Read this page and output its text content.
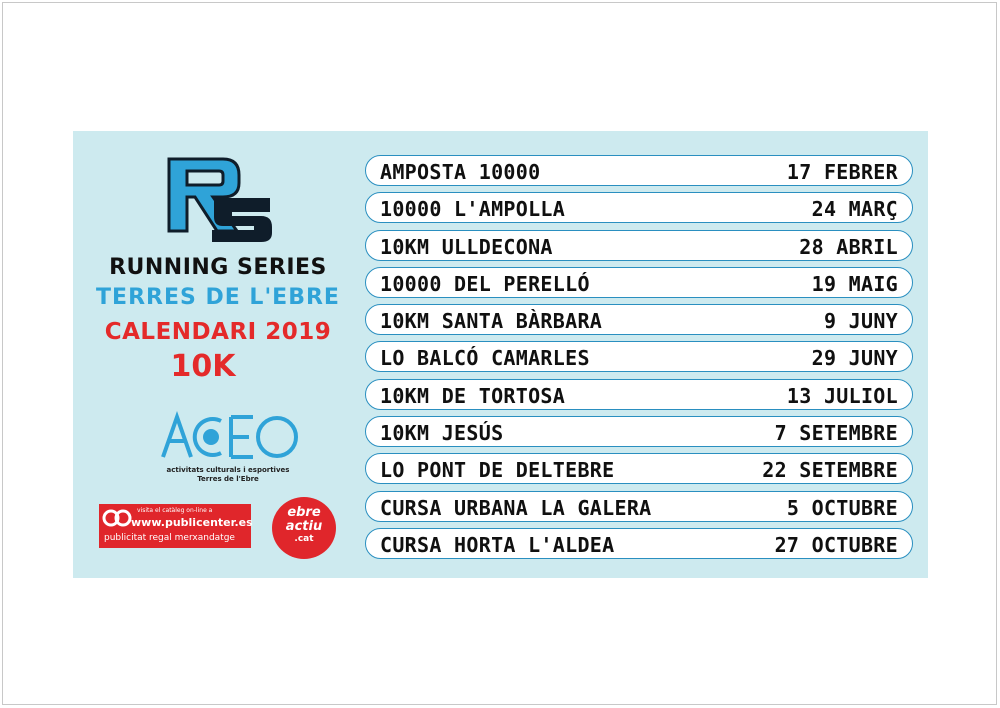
RUNNING SERIES
TERRES DE L'EBRE
CALENDARI 2019
10K
activitats culturals i esportives
Terres de l'Ebre
visita el catàleg on-line a
www.publicenter.es
publicitat regal merxandatge
ebre
actiu
.cat
AMPOSTA 10000	17 FEBRER
10000 L'AMPOLLA	24 MARÇ
10KM ULLDECONA	28 ABRIL
10000 DEL PERELLÓ	19 MAIG
10KM SANTA BÀRBARA	9 JUNY
LO BALCÓ CAMARLES	29 JUNY
10KM DE TORTOSA	13 JULIOL
10KM JESÚS	7 SETEMBRE
LO PONT DE DELTEBRE	22 SETEMBRE
CURSA URBANA LA GALERA	5 OCTUBRE
CURSA HORTA L'ALDEA	27 OCTUBRE
